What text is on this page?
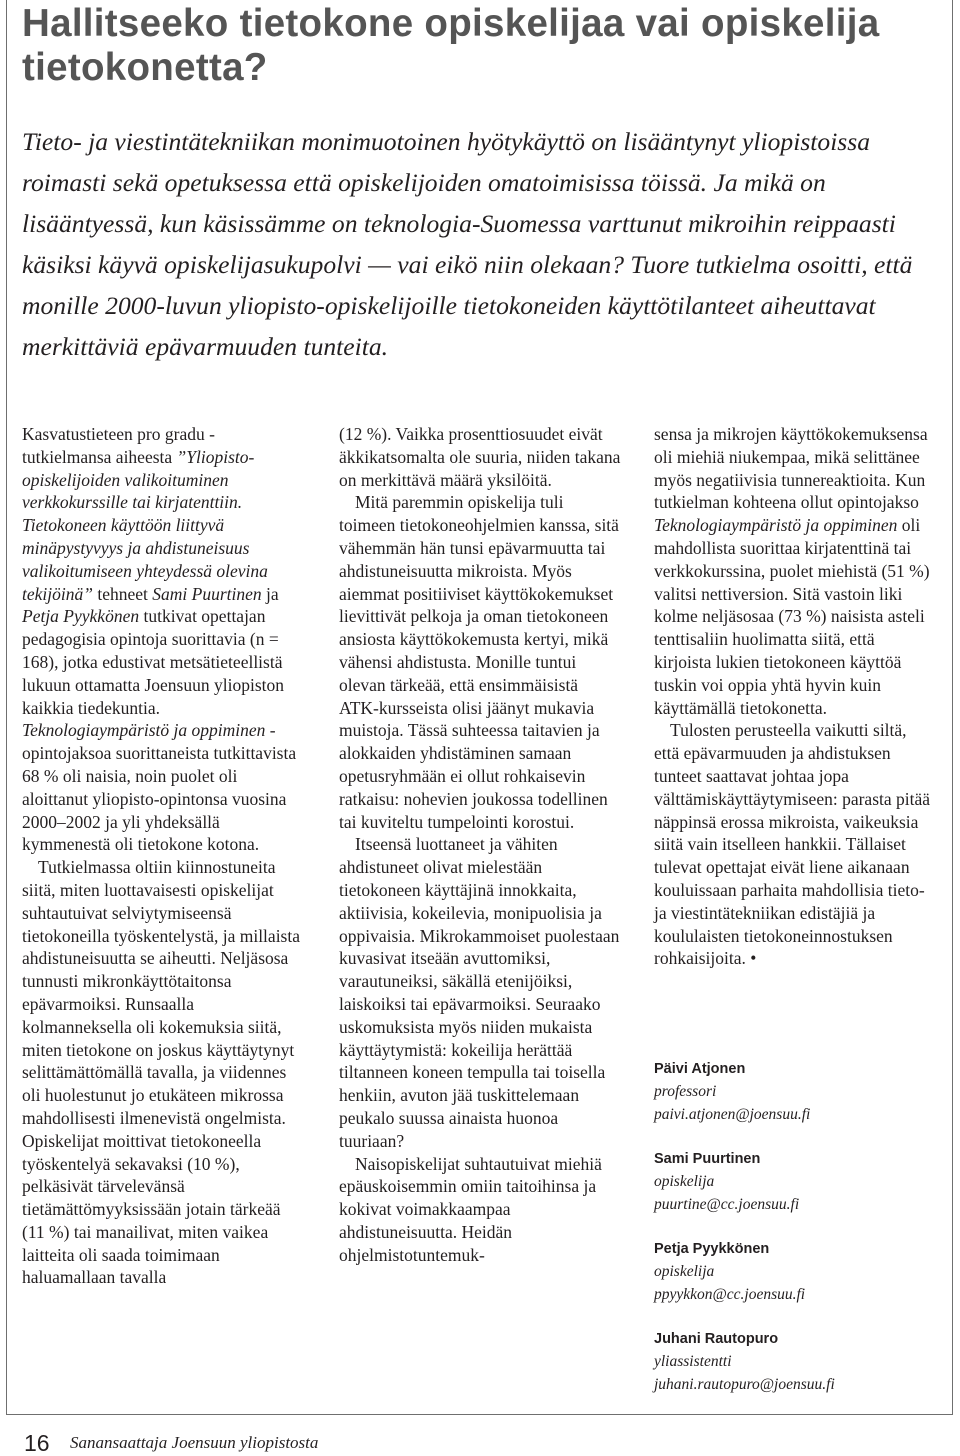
Hallitseeko tietokone opiskelijaa vai opiskelija tietokonetta?

Tieto- ja viestintätekniikan monimuotoinen hyötykäyttö on lisääntynyt yliopistoissa roimasti sekä opetuksessa että opiskelijoiden omatoimisissa töissä. Ja mikä on lisääntyessä, kun käsissämme on teknologia-Suomessa varttunut mikroihin reippaasti käsiksi käyvä opiskelijasukupolvi — vai eikö niin olekaan? Tuore tutkielma osoitti, että monille 2000-luvun yliopisto-opiskelijoille tietokoneiden käyttötilanteet aiheuttavat merkittäviä epävarmuuden tunteita.

Kasvatustieteen pro gradu -tutkielmansa aiheesta ”Yliopisto-opiskelijoiden valikoituminen verkkokurssille tai kirjatenttiin. Tietokoneen käyttöön liittyvä minäpystyvyys ja ahdistuneisuus valikoitumiseen yhteydessä olevina tekijöinä” tehneet Sami Puurtinen ja Petja Pyykkönen tutkivat opettajan pedagogisia opintoja suorittavia (n = 168), jotka edustivat metsätieteellistä lukuun ottamatta Joensuun yliopiston kaikkia tiedekuntia. Teknologiaympäristö ja oppiminen -opintojaksoa suorittaneista tutkittavista 68 % oli naisia, noin puolet oli aloittanut yliopisto-opintonsa vuosina 2000–2002 ja yli yhdeksällä kymmenestä oli tietokone kotona.

Tutkielmassa oltiin kiinnostuneita siitä, miten luottavaisesti opiskelijat suhtautuivat selviytymiseensä tietokoneilla työskentelystä, ja millaista ahdistuneisuutta se aiheutti. Neljäsosa tunnusti mikronkäyttötaitonsa epävarmoiksi. Runsaalla kolmanneksella oli kokemuksia siitä, miten tietokone on joskus käyttäytynyt selittämättömällä tavalla, ja viidennes oli huolestunut jo etukäteen mikrossa mahdollisesti ilmenevistä ongelmista. Opiskelijat moittivat tietokoneella työskentelyä sekavaksi (10 %), pelkäsivät tärvelevänsä tietämättömyyksissään jotain tärkeää (11 %) tai manailivat, miten vaikea laitteita oli saada toimimaan haluamallaan tavalla

(12 %). Vaikka prosenttiosuudet eivät äkkikatsomalta ole suuria, niiden takana on merkittävä määrä yksilöitä.

Mitä paremmin opiskelija tuli toimeen tietokoneohjelmien kanssa, sitä vähemmän hän tunsi epävarmuutta tai ahdistuneisuutta mikroista. Myös aiemmat positiiviset käyttökokemukset lievittivät pelkoja ja oman tietokoneen ansiosta käyttökokemusta kertyi, mikä vähensi ahdistusta. Monille tuntui olevan tärkeää, että ensimmäisistä ATK-kursseista olisi jäänyt mukavia muistoja. Tässä suhteessa taitavien ja alokkaiden yhdistäminen samaan opetusryhmään ei ollut rohkaisevin ratkaisu: nohevien joukossa todellinen tai kuviteltu tumpelointi korostui.

Itseensä luottaneet ja vähiten ahdistuneet olivat mielestään tietokoneen käyttäjinä innokkaita, aktiivisia, kokeilevia, monipuolisia ja oppivaisia. Mikrokammoiset puolestaan kuvasivat itseään avuttomiksi, varautuneiksi, säkällä etenijöiksi, laiskoiksi tai epävarmoiksi. Seuraako uskomuksista myös niiden mukaista käyttäytymistä: kokeilija herättää tiltanneen koneen tempulla tai toisella henkiin, avuton jää tuskittelemaan peukalo suussa ainaista huonoa tuuriaan?

Naisopiskelijat suhtautuivat miehiä epäuskoisemmin omiin taitoihinsa ja kokivat voimakkaampaa ahdistuneisuutta. Heidän ohjelmistotuntemuk-

sensa ja mikrojen käyttökokemuksensa oli miehiä niukempaa, mikä selittänee myös negatiivisia tunnereaktioita. Kun tutkielman kohteena ollut opintojakso Teknologiaympäristö ja oppiminen oli mahdollista suorittaa kirjatenttinä tai verkkokurssina, puolet miehistä (51 %) valitsi nettiversion. Sitä vastoin liki kolme neljäsosaa (73 %) naisista asteli tenttisaliin huolimatta siitä, että kirjoista lukien tietokoneen käyttöä tuskin voi oppia yhtä hyvin kuin käyttämällä tietokonetta.

Tulosten perusteella vaikutti siltä, että epävarmuuden ja ahdistuksen tunteet saattavat johtaa jopa välttämiskäyttäytymiseen: parasta pitää näppinsä erossa mikroista, vaikeuksia siitä vain itselleen hankkii. Tällaiset tulevat opettajat eivät liene aikanaan kouluissaan parhaita mahdollisia tieto- ja viestintätekniikan edistäjiä ja koululaisten tietokoneinnostuksen rohkaisijoita. •

Päivi Atjonen
professori
paivi.atjonen@joensuu.fi
Sami Puurtinen
opiskelija
puurtine@cc.joensuu.fi
Petja Pyykkönen
opiskelija
ppyykkon@cc.joensuu.fi
Juhani Rautopuro
yliassistentti
juhani.rautopuro@joensuu.fi
16 Sanansaattaja Joensuun yliopistosta
